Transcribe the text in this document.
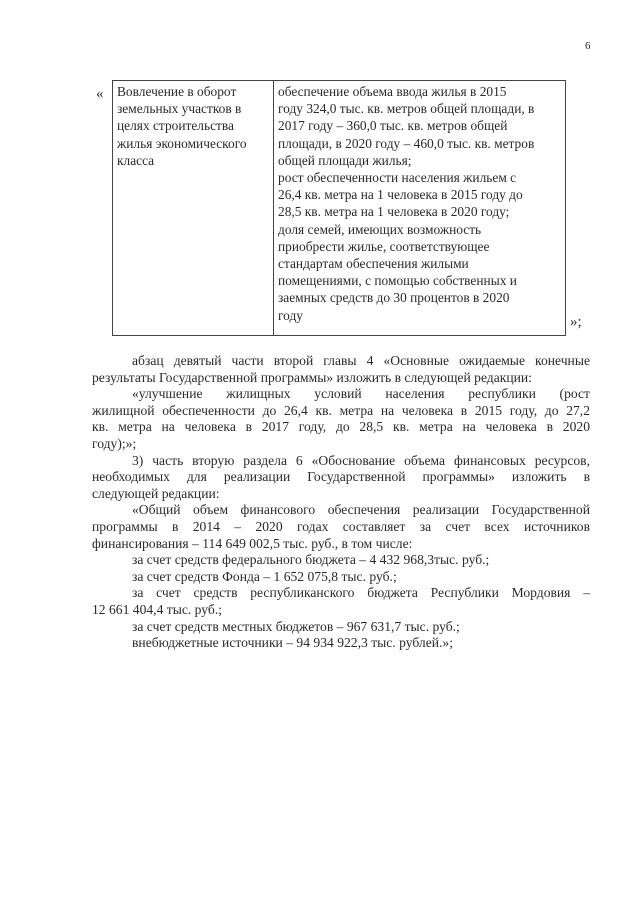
6
« Вовлечение в оборот
земельных участков в
целях строительства
жилья экономического
класса

обеспечение объема ввода жилья в 2015
году 324,0 тыс. кв. метров общей площади, в
2017 году – 360,0 тыс. кв. метров общей
площади, в 2020 году – 460,0 тыс. кв. метров
общей площади жилья;
рост обеспеченности населения жильем с
26,4 кв. метра на 1 человека в 2015 году до
28,5 кв. метра на 1 человека в 2020 году;
доля семей, имеющих возможность
приобрести жилье, соответствующее
стандартам обеспечения жилыми
помещениями, с помощью собственных и
заемных средств до 30 процентов в 2020
году	»;
абзац девятый части второй главы 4 «Основные ожидаемые конечные
результаты Государственной программы» изложить в следующей редакции:
«улучшение жилищных условий населения республики (рост
жилищной обеспеченности до 26,4 кв. метра на человека в 2015 году, до 27,2
кв. метра на человека в 2017 году, до 28,5 кв. метра на человека в 2020
году);»;
3) часть вторую раздела 6 «Обоснование объема финансовых ресурсов,
необходимых для реализации Государственной программы» изложить в
следующей редакции:
«Общий объем финансового обеспечения реализации Государственной
программы в 2014 – 2020 годах составляет за счет всех источников
финансирования – 114 649 002,5 тыс. руб., в том числе:
за счет средств федерального бюджета – 4 432 968,3тыс. руб.;
за счет средств Фонда – 1 652 075,8 тыс. руб.;
за счет средств республиканского бюджета Республики Мордовия –
12 661 404,4 тыс. руб.;
за счет средств местных бюджетов – 967 631,7 тыс. руб.;
внебюджетные источники – 94 934 922,3 тыс. рублей.»;
